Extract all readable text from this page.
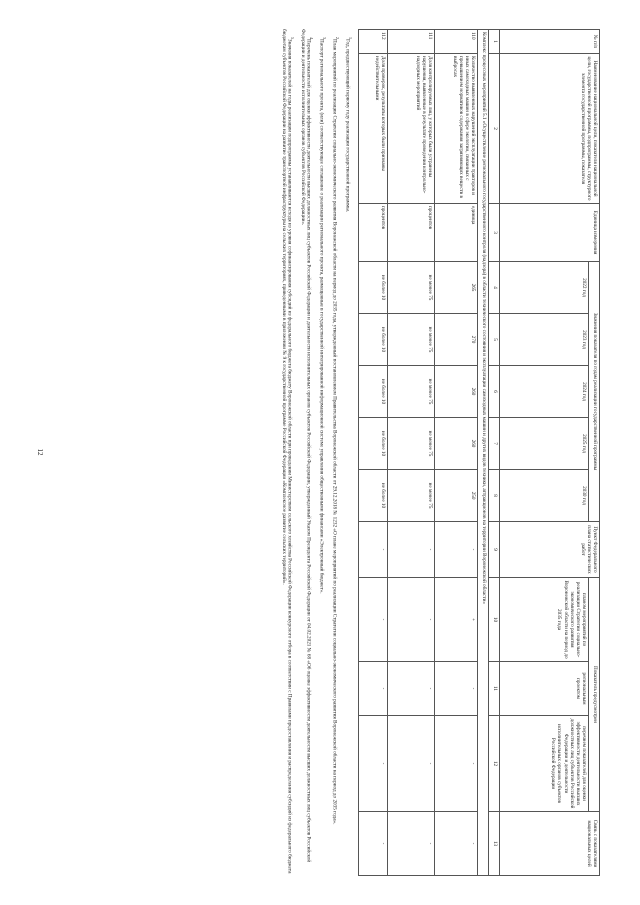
12
№ п/п	Наименование национальной цели, показателя национальной цели, государственной программы, подпрограммы, структурного элемента государственной программы, показателя	Единица измерения	Значения показателя по годам реализации государственной программы					Пункт Федерального плана статистических работ	Показатель предусмотрен			Связь с показателями национальных целей
			2022 год	2023 год	2024 год	2025 год	2030 год		планом мероприятий по реализации Стратегии социально-экономического развития Воронежской области на период до 2035 года	региональным проектом	перечнем показателей для оценки эффективности деятельности высших должностных лиц субъектов Российской Федерации и деятельности исполнительных органов субъектов Российской Федерации	
1	2	3	4	5	6	7	8	9	10	11	12	13
Комплекс процессных мероприятий 5.1 «Осуществление регионального государственного контроля (надзора) в области технического состояния и эксплуатации самоходных машин и других видов техники, аттракционов на территории Воронежской области»												
110	Количество выявленных нарушений эксплуатации тракторов и иных самоходных машин в сфере экологии, связанных с превышением нормативов содержания загрязняющих веществ в выбросах	единица	265	270	260	260	250	-	+	-	-	-
111	Доля контролируемых лиц, у которых были устранены нарушения, выявленные в результате проведения контрольно-надзорных мероприятий	процентов	не менее 75	не менее 75	не менее 75	не менее 75	не менее 75	-	-	-	-	-
112	Доля проверок, результаты которых были признаны недействительными	процентов	не более 10	не более 10	не более 10	не более 10	не более 10	-	-	-	-	-

$^1$Год, предшествующий первому году реализации государственной программы.

$^2$План мероприятий по реализации Стратегии социально-экономического развития Воронежской области на период до 2035 года, утвержденный постановлением Правительства Воронежской области от 29.12.2018 № 1232 «О плане мероприятий по реализации Стратегии социально-экономического развития Воронежской области на период до 2035 года».

$^3$Паспорт регионального проекта, (или) соответствующее соглашение о реализации регионального проекта, размещенные в государственной интегрированной информационной системе управления общественными финансами «Электронный бюджет».

$^4$Перечень показателей для оценки эффективности деятельности высших должностных лиц субъектов Российской Федерации и деятельности исполнительных органов субъектов Российской Федерации, утвержденный Указом Президента Российской Федерации от 04.02.2021 № 68 «Об оценке эффективности деятельности высших должностных лиц субъектов Российской Федерации и деятельности исполнительных органов субъектов Российской Федерации».

$^5$Значения показателей на годы реализации подпрограммы устанавливаются исходя из уровня софинансирования субсидий из федерального бюджета бюджету Воронежской области при проведении Министерством сельского хозяйства Российской Федерации конкурсного отбора в соответствии с Правилами предоставления и распределения субсидий из федерального бюджета бюджетам субъектов Российской Федерации на развитие транспортной инфраструктуры на сельских территориях, приведенными в приложении № 9 к государственной программе Российской Федерации «Комплексное развитие сельских территорий».
